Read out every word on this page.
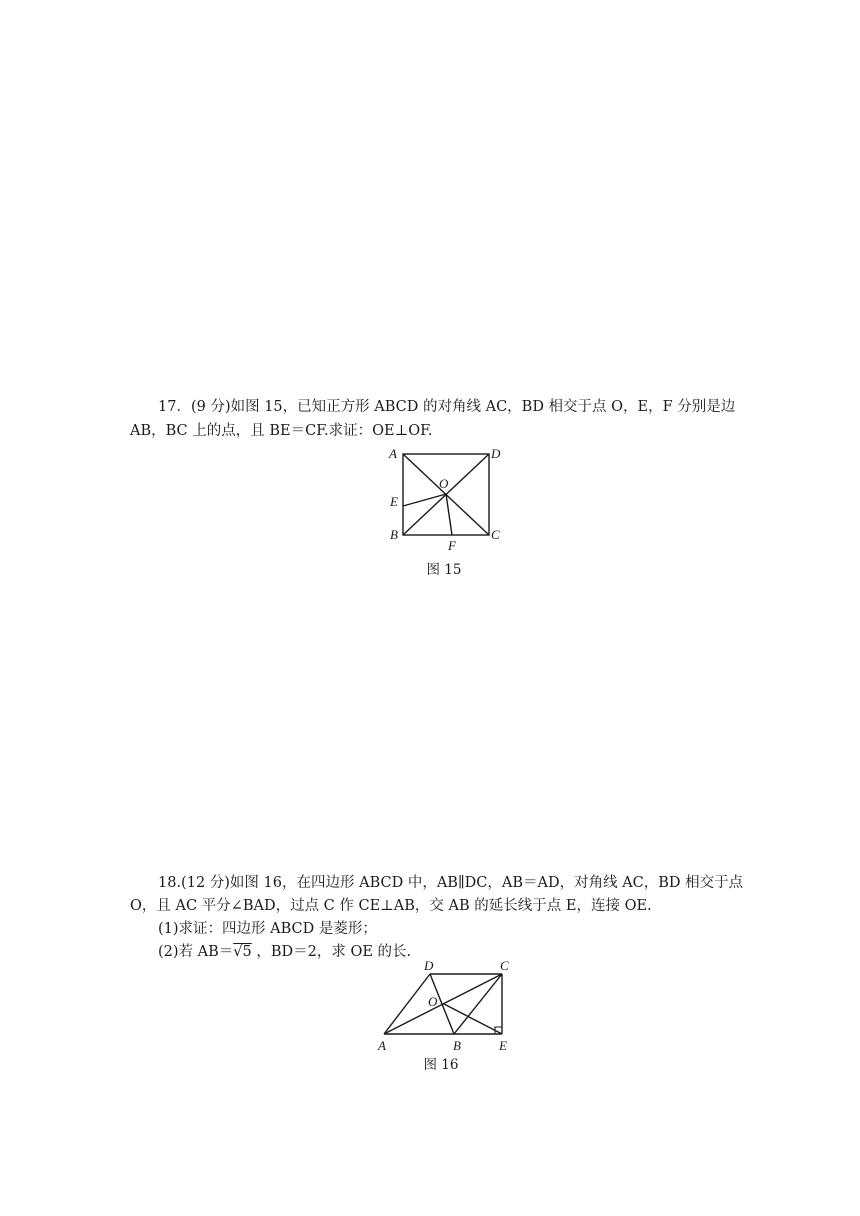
17．(9 分)如图 15，已知正方形 ABCD 的对角线 AC，BD 相交于点 O，E，F 分别是边
AB，BC 上的点，且 BE＝CF.求证：OE⊥OF.
A	D
B	C
O
E
F
图 15
18.(12 分)如图 16，在四边形 ABCD 中，AB∥DC，AB＝AD，对角线 AC，BD 相交于点
O，且 AC 平分∠BAD，过点 C 作 CE⊥AB，交 AB 的延长线于点 E，连接 OE.
(1)求证：四边形 ABCD 是菱形；
(2)若 AB＝√5 ，BD＝2，求 OE 的长.
D	C
O
A	B	E
图 16
